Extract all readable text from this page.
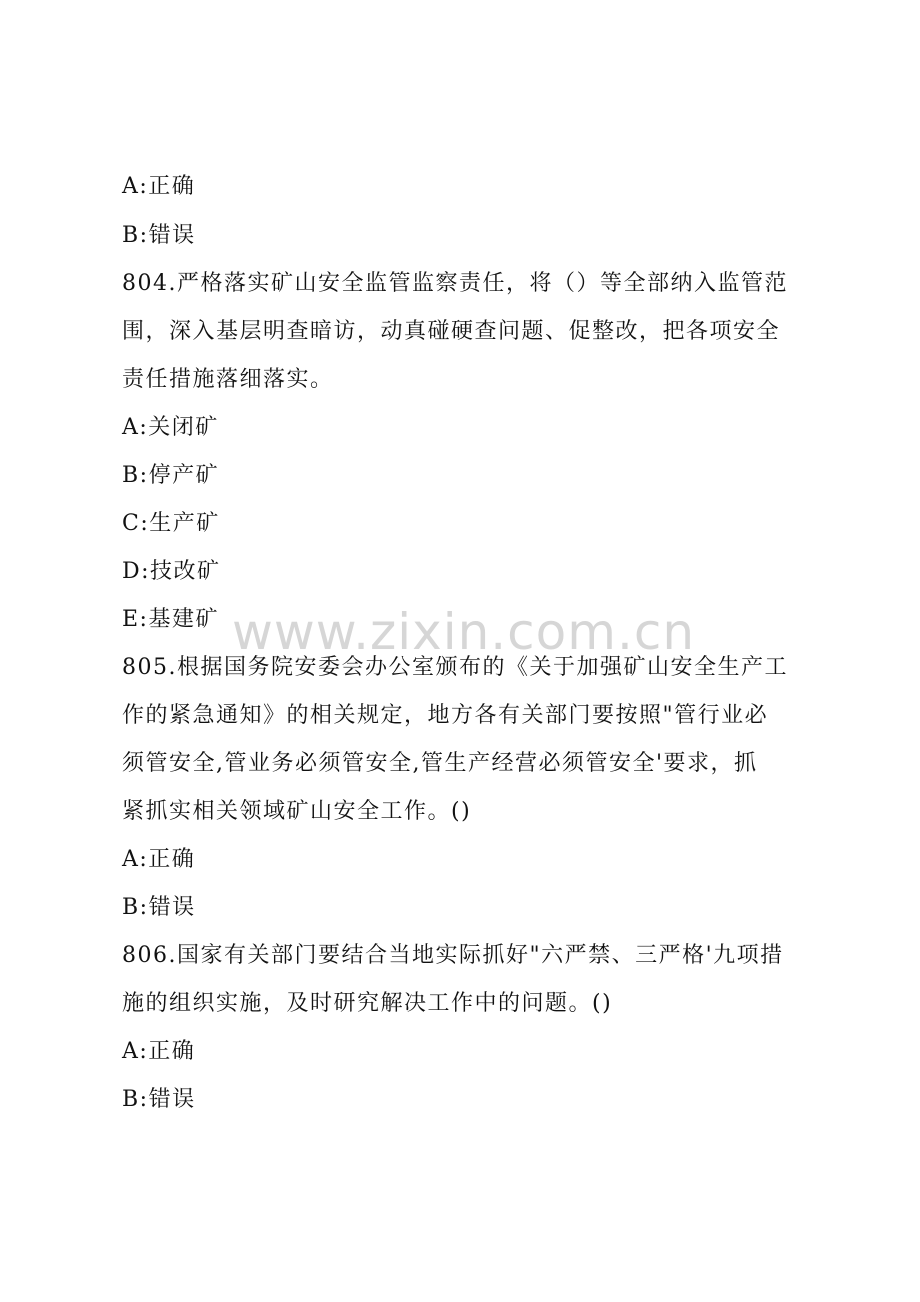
A:正确
B:错误
804.严格落实矿山安全监管监察责任，将（）等全部纳入监管范
围，深入基层明查暗访，动真碰硬查问题、促整改，把各项安全
责任措施落细落实。
A:关闭矿
B:停产矿
C:生产矿
D:技改矿
E:基建矿
805.根据国务院安委会办公室颁布的《关于加强矿山安全生产工
作的紧急通知》的相关规定，地方各有关部门要按照"管行业必
须管安全,管业务必须管安全,管生产经营必须管安全'要求，抓
紧抓实相关领域矿山安全工作。()
A:正确
B:错误
806.国家有关部门要结合当地实际抓好"六严禁、三严格'九项措
施的组织实施，及时研究解决工作中的问题。()
A:正确
B:错误
www.zixin.com.cn
